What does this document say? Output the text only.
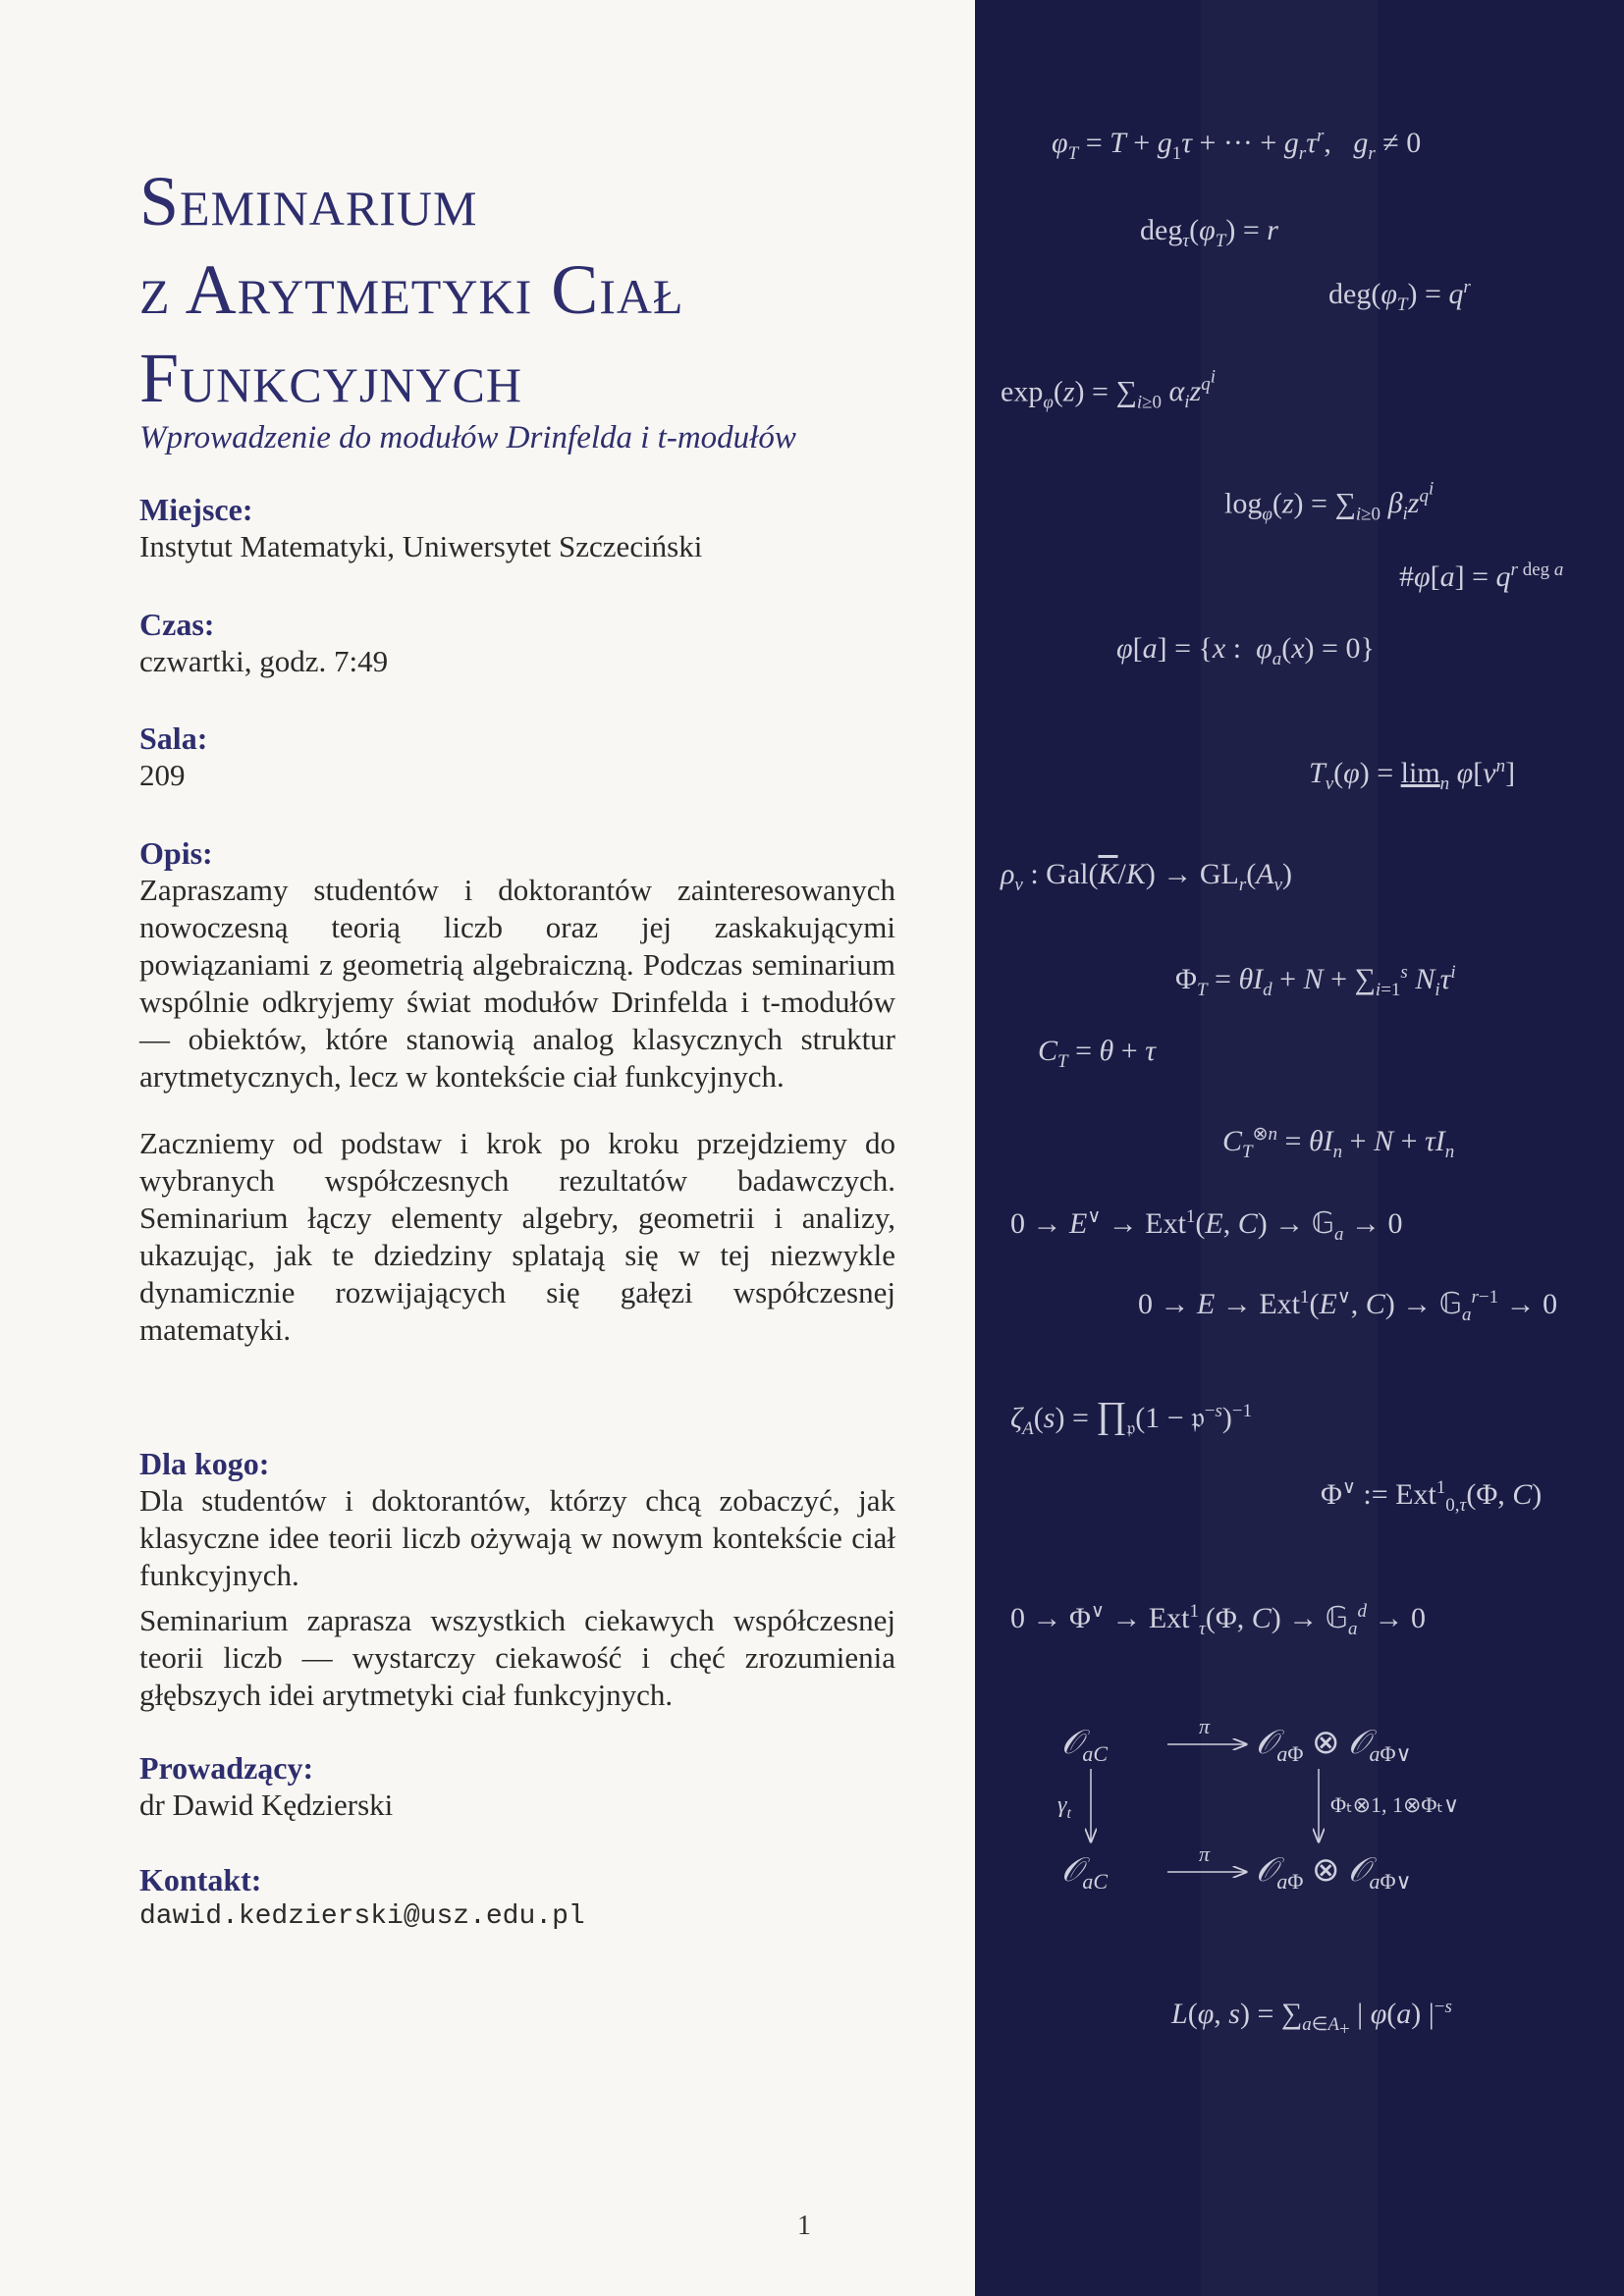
Seminarium
z Arytmetyki Ciał
Funkcyjnych
Wprowadzenie do modułów Drinfelda i t-modułów
Miejsce:
Instytut Matematyki, Uniwersytet Szczeciński
Czas:
czwartki, godz. 7:49
Sala:
209
Opis:
Zapraszamy studentów i doktorantów zainteresowanych nowoczesną teorią liczb oraz jej zaskakującymi powiązaniami z geometrią algebraiczną. Podczas seminarium wspólnie odkryjemy świat modułów Drinfelda i t-modułów — obiektów, które stanowią analog klasycznych struktur arytmetycznych, lecz w kontekście ciał funkcyjnych.
Zaczniemy od podstaw i krok po kroku przejdziemy do wybranych współczesnych rezultatów badawczych. Seminarium łączy elementy algebry, geometrii i analizy, ukazując, jak te dziedziny splatają się w tej niezwykle dynamicznie rozwijających się gałęzi współczesnej matematyki.
Dla kogo:
Dla studentów i doktorantów, którzy chcą zobaczyć, jak klasyczne idee teorii liczb ożywają w nowym kontekście ciał funkcyjnych.
Seminarium zaprasza wszystkich ciekawych współczesnej teorii liczb — wystarczy ciekawość i chęć zrozumienia głębszych idei arytmetyki ciał funkcyjnych.
Prowadzący:
dr Dawid Kędzierski
Kontakt:
dawid.kedzierski@usz.edu.pl
1
$\varphi_T = T + g_1\tau$ + ··· + $g_r\tau^r$,   $g_r \ne 0$
$deg_\tau(\varphi_T) = r$
$deg(\varphi_T) = q^r$
$\exp_\varphi(z) = \sum_{i\ge 0}$ $\alpha_iz^{q^i}$
$\log_\varphi(z) = \sum_{i\ge 0}$ $\beta_iz^{q^i}$
#φ[a] = $q^{r deg a}$
φ[a] = {x :  $\varphi_a(x) = 0$}
$T_v(\varphi) = \lim_n \varphi[v^n]$
$\rho_v$ : $Gal(\overline{K}/K) \to GL_r(A_v)$
$\Phi_T = \theta I_d + N + \sum_{i=1}^s$ $N_i\tau^i$
$C_T = \theta + \tau$
$C_T^{\otimes n} = \theta I_n + N + \tau I_n$
0 → E∨ → Ext$^1$(E, C) → 𝔾$_a$ → 0
0 → E → Ext$^1$(E∨, C) → 𝔾$_a^{r-1}$ → 0
$\zeta_A(s)$ = $\prod_𝔭(1$ − 𝔭$^{-s}$)$^{-1}$
Φ∨ := Ext$^1_{0,\tau}$(Φ, C)
0 → Φ∨ → Ext$^1_\tau$(Φ, C) → 𝔾$_a^d$ → 0
𝒪$_{aC}$
π 𝒪$_a$Φ ⊗ 𝒪$_a$Φ∨
$\gamma_t$	Φₜ⊗1, 1⊗Φₜ∨
𝒪$_{aC}$
π 𝒪$_a$Φ ⊗ 𝒪$_a$Φ∨
L(φ, $s) = \sum_{a\in A_+}$ | φ(a) $|^{-s}$
